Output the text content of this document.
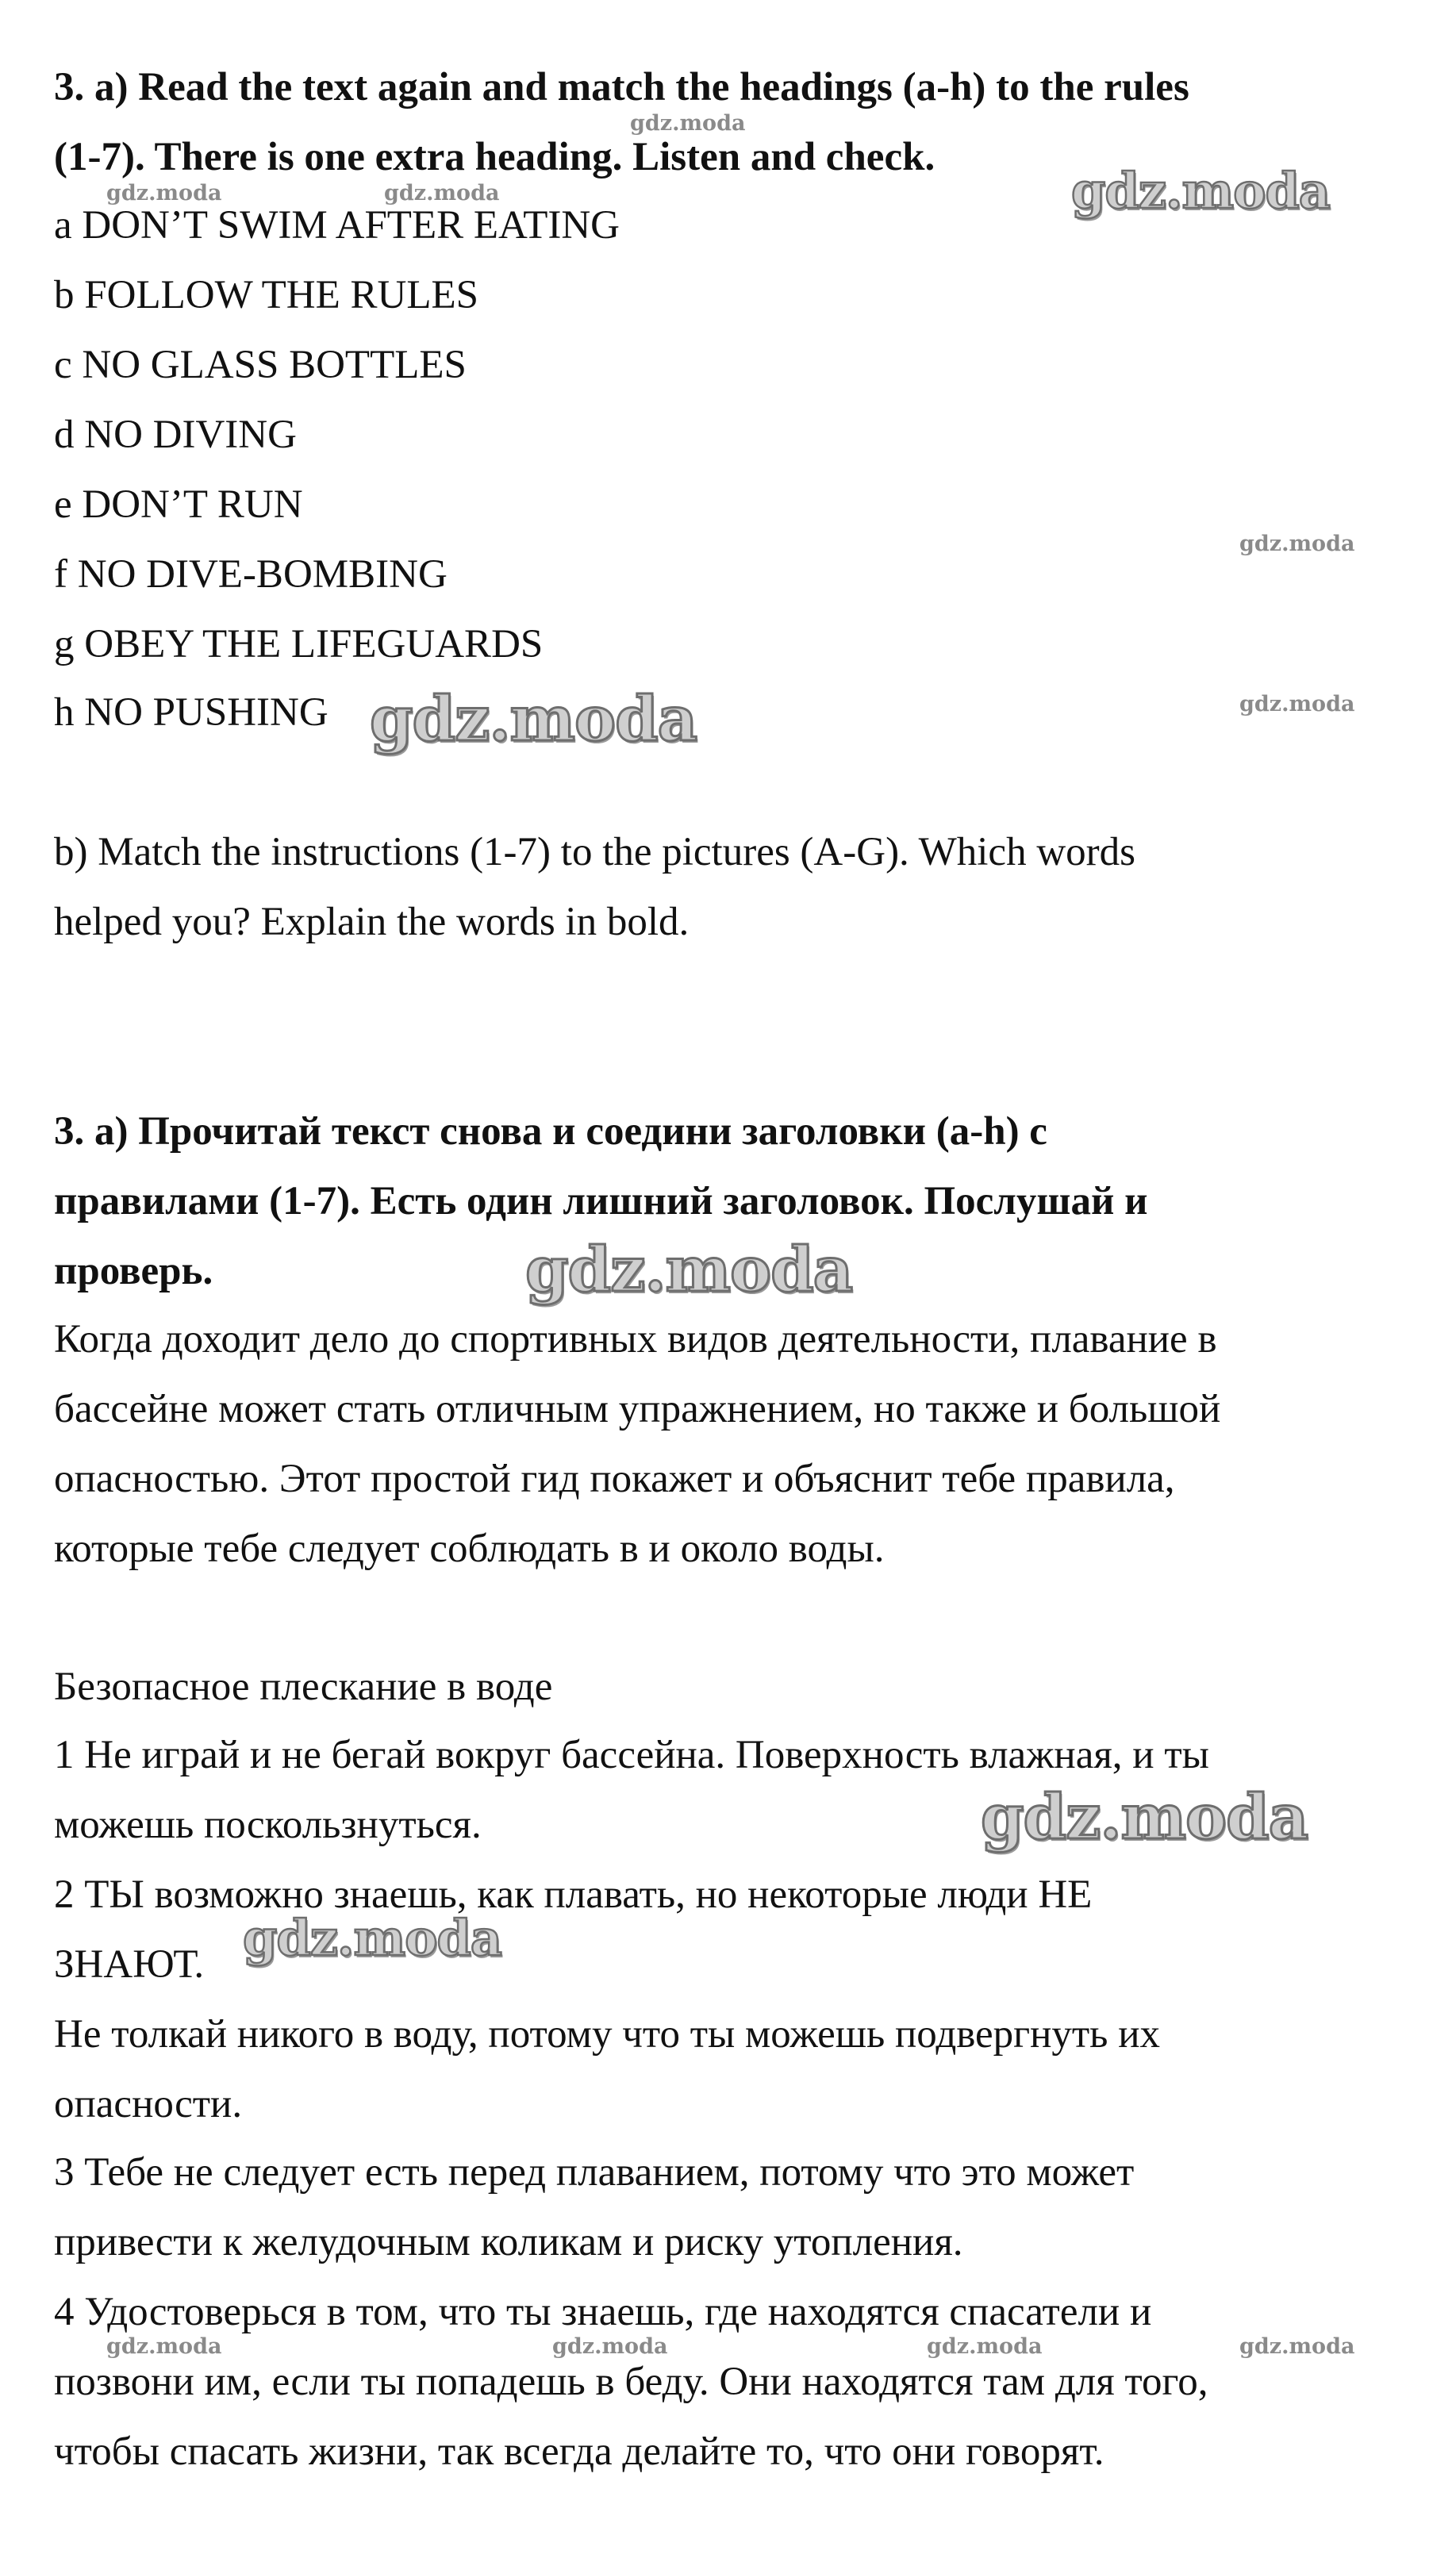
3. a) Read the text again and match the headings (a-h) to the rules
(1-7). There is one extra heading. Listen and check.
a DON’T SWIM AFTER EATING
b FOLLOW THE RULES
c NO GLASS BOTTLES
d NO DIVING
e DON’T RUN
f NO DIVE-BOMBING
g OBEY THE LIFEGUARDS
h NO PUSHING
b) Match the instructions (1-7) to the pictures (A-G). Which words
helped you? Explain the words in bold.
3. а) Прочитай текст снова и соедини заголовки (a-h) с
правилами (1-7). Есть один лишний заголовок. Послушай и
проверь.
Когда доходит дело до спортивных видов деятельности, плавание в
бассейне может стать отличным упражнением, но также и большой
опасностью. Этот простой гид покажет и объяснит тебе правила,
которые тебе следует соблюдать в и около воды.
Безопасное плескание в воде
1 Не играй и не бегай вокруг бассейна. Поверхность влажная, и ты
можешь поскользнуться.
2 ТЫ возможно знаешь, как плавать, но некоторые люди НЕ
ЗНАЮТ.
Не толкай никого в воду, потому что ты можешь подвергнуть их
опасности.
3 Тебе не следует есть перед плаванием, потому что это может
привести к желудочным коликам и риску утопления.
4 Удостоверься в том, что ты знаешь, где находятся спасатели и
позвони им, если ты попадешь в беду. Они находятся там для того,
чтобы спасать жизни, так всегда делайте то, что они говорят.
gdz.moda
gdz.moda	gdz.moda	gdz.moda
gdz.moda
gdz.moda
gdz.moda
gdz.moda
gdz.moda
gdz.moda
gdz.moda	gdz.moda	gdz.moda	gdz.moda
